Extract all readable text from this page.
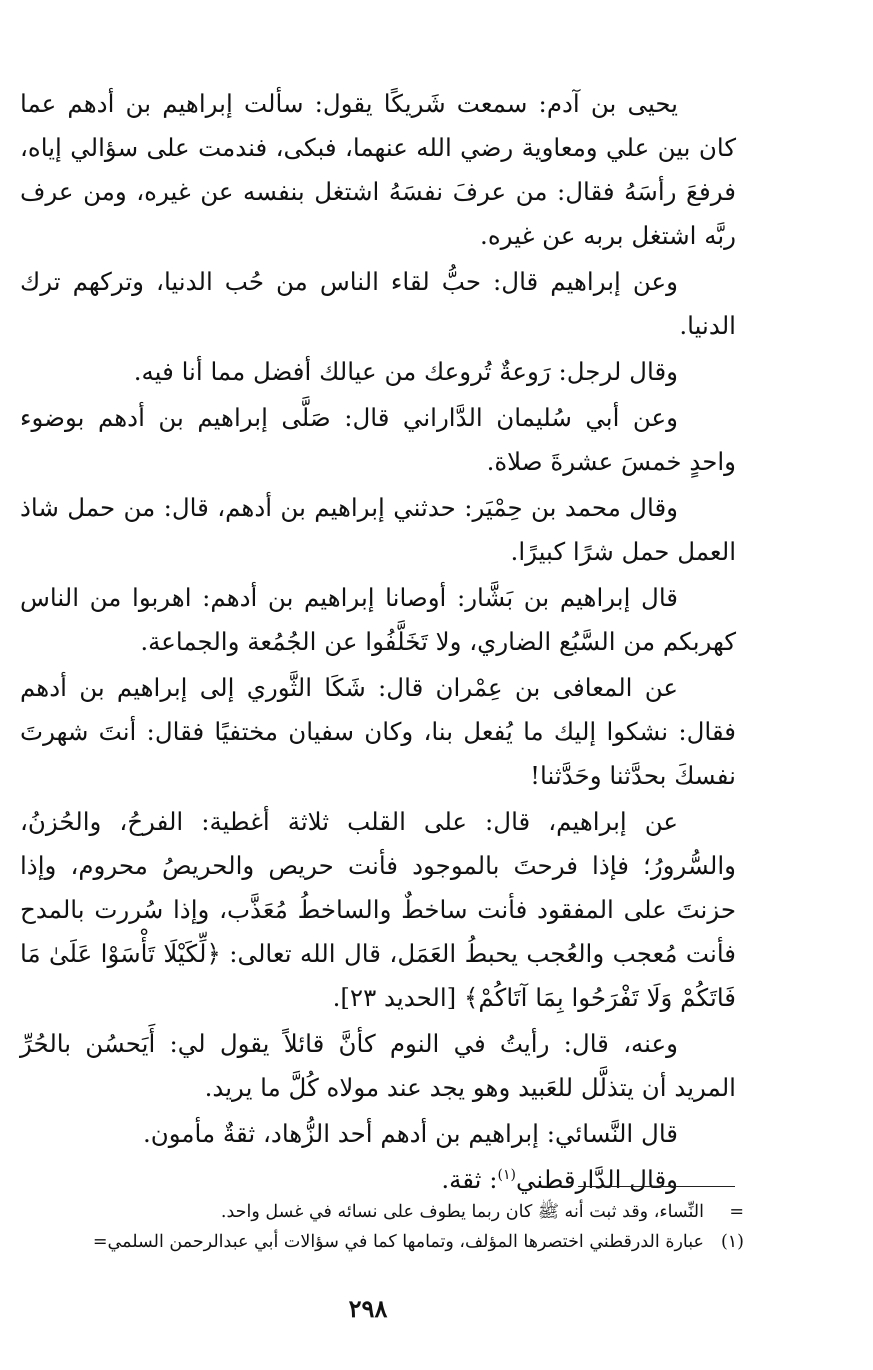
يحيى بن آدم: سمعت شَريكًا يقول: سألت إبراهيم بن أدهم عما كان بين علي ومعاوية رضي الله عنهما، فبكى، فندمت على سؤالي إياه، فرفعَ رأسَهُ فقال: من عرفَ نفسَهُ اشتغل بنفسه عن غيره، ومن عرف ربَّه اشتغل بربه عن غيره.

وعن إبراهيم قال: حبُّ لقاء الناس من حُب الدنيا، وتركهم ترك الدنيا.

وقال لرجل: رَوعةٌ تُروعك من عيالك أفضل مما أنا فيه.

وعن أبي سُليمان الدَّاراني قال: صَلَّى إبراهيم بن أدهم بوضوء واحدٍ خمسَ عشرةَ صلاة.

وقال محمد بن حِمْيَر: حدثني إبراهيم بن أدهم، قال: من حمل شاذ العمل حمل شرًا كبيرًا.

قال إبراهيم بن بَشَّار: أوصانا إبراهيم بن أدهم: اهربوا من الناس كهربكم من السَّبُع الضاري، ولا تَخَلَّفُوا عن الجُمُعة والجماعة.

عن المعافى بن عِمْران قال: شَكَا الثَّوري إلى إبراهيم بن أدهم فقال: نشكوا إليك ما يُفعل بنا، وكان سفيان مختفيًا فقال: أنتَ شهرتَ نفسكَ بحدَّثنا وحَدَّثنا!

عن إبراهيم، قال: على القلب ثلاثة أغطية: الفرحُ، والحُزنُ، والسُّرورُ؛ فإذا فرحتَ بالموجود فأنت حريص والحريصُ محروم، وإذا حزنتَ على المفقود فأنت ساخطٌ والساخطُ مُعَذَّب، وإذا سُررت بالمدح فأنت مُعجب والعُجب يحبطُ العَمَل، قال الله تعالى: ﴿لِّكَيْلَا تَأْسَوْا عَلَىٰ مَا فَاتَكُمْ وَلَا تَفْرَحُوا بِمَا آتَاكُمْ﴾ [الحديد ٢٣].

وعنه، قال: رأيتُ في النوم كأنَّ قائلاً يقول لي: أَيَحسُن بالحُرِّ المريد أن يتذلَّل للعَبيد وهو يجد عند مولاه كُلَّ ما يريد.

قال النَّسائي: إبراهيم بن أدهم أحد الزُّهاد، ثقةٌ مأمون.

وقال الدَّارقطني$^{(١)}$: ثقة.

=
النِّساء، وقد ثبت أنه ﷺ كان ربما يطوف على نسائه في غسل واحد.
(١)
عبارة الدرقطني اختصرها المؤلف، وتمامها كما في سؤالات أبي عبدالرحمن السلمي=
٢٩٨
